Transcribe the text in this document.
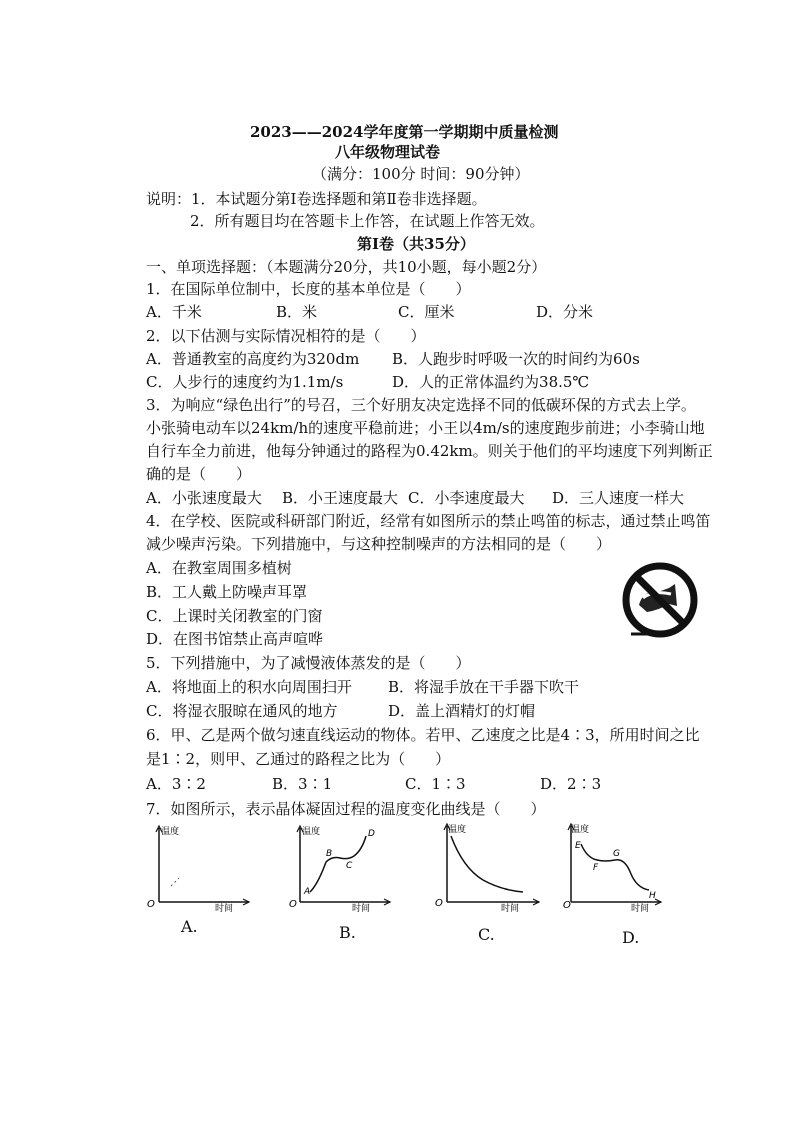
2023——2024学年度第一学期期中质量检测
八年级物理试卷
（满分：100分 时间：90分钟）
说明：1．本试题分第Ⅰ卷选择题和第Ⅱ卷非选择题。
2．所有题目均在答题卡上作答，在试题上作答无效。
第Ⅰ卷（共35分）
一、单项选择题：（本题满分20分，共10小题，每小题2分）
1．在国际单位制中，长度的基本单位是（　　）
A．千米	B．米	C．厘米	D．分米
2．以下估测与实际情况相符的是（　　）
A．普通教室的高度约为320dm B．人跑步时呼吸一次的时间约为60s
C．人步行的速度约为1.1m/s	D．人的正常体温约为38.5℃
3．为响应“绿色出行”的号召，三个好朋友决定选择不同的低碳环保的方式去上学。
小张骑电动车以24km/h的速度平稳前进；小王以4m/s的速度跑步前进；小李骑山地
自行车全力前进，他每分钟通过的路程为0.42km。则关于他们的平均速度下列判断正
确的是（　　）
A．小张速度最大 B．小王速度最大 C．小李速度最大 D．三人速度一样大
4．在学校、医院或科研部门附近，经常有如图所示的禁止鸣笛的标志，通过禁止鸣笛
减少噪声污染。下列措施中，与这种控制噪声的方法相同的是（　　）
A．在教室周围多植树
B．工人戴上防噪声耳罩
C．上课时关闭教室的门窗
D．在图书馆禁止高声喧哗
5．下列措施中，为了减慢液体蒸发的是（　　）
A．将地面上的积水向周围扫开 B．将湿手放在干手器下吹干
C．将湿衣服晾在通风的地方	D．盖上酒精灯的灯帽
6．甲、乙是两个做匀速直线运动的物体。若甲、乙速度之比是4∶3，所用时间之比
是1∶2，则甲、乙通过的路程之比为（　　）
A．3∶2	B．3∶1	C．1∶3	D．2∶3
7．如图所示，表示晶体凝固过程的温度变化曲线是（　　）
温度
时间
O
A.
温度
时间
O
A
B
C
D
B.
温度
时间
O
C.
温度
时间
O
E
F
G
H
D.
